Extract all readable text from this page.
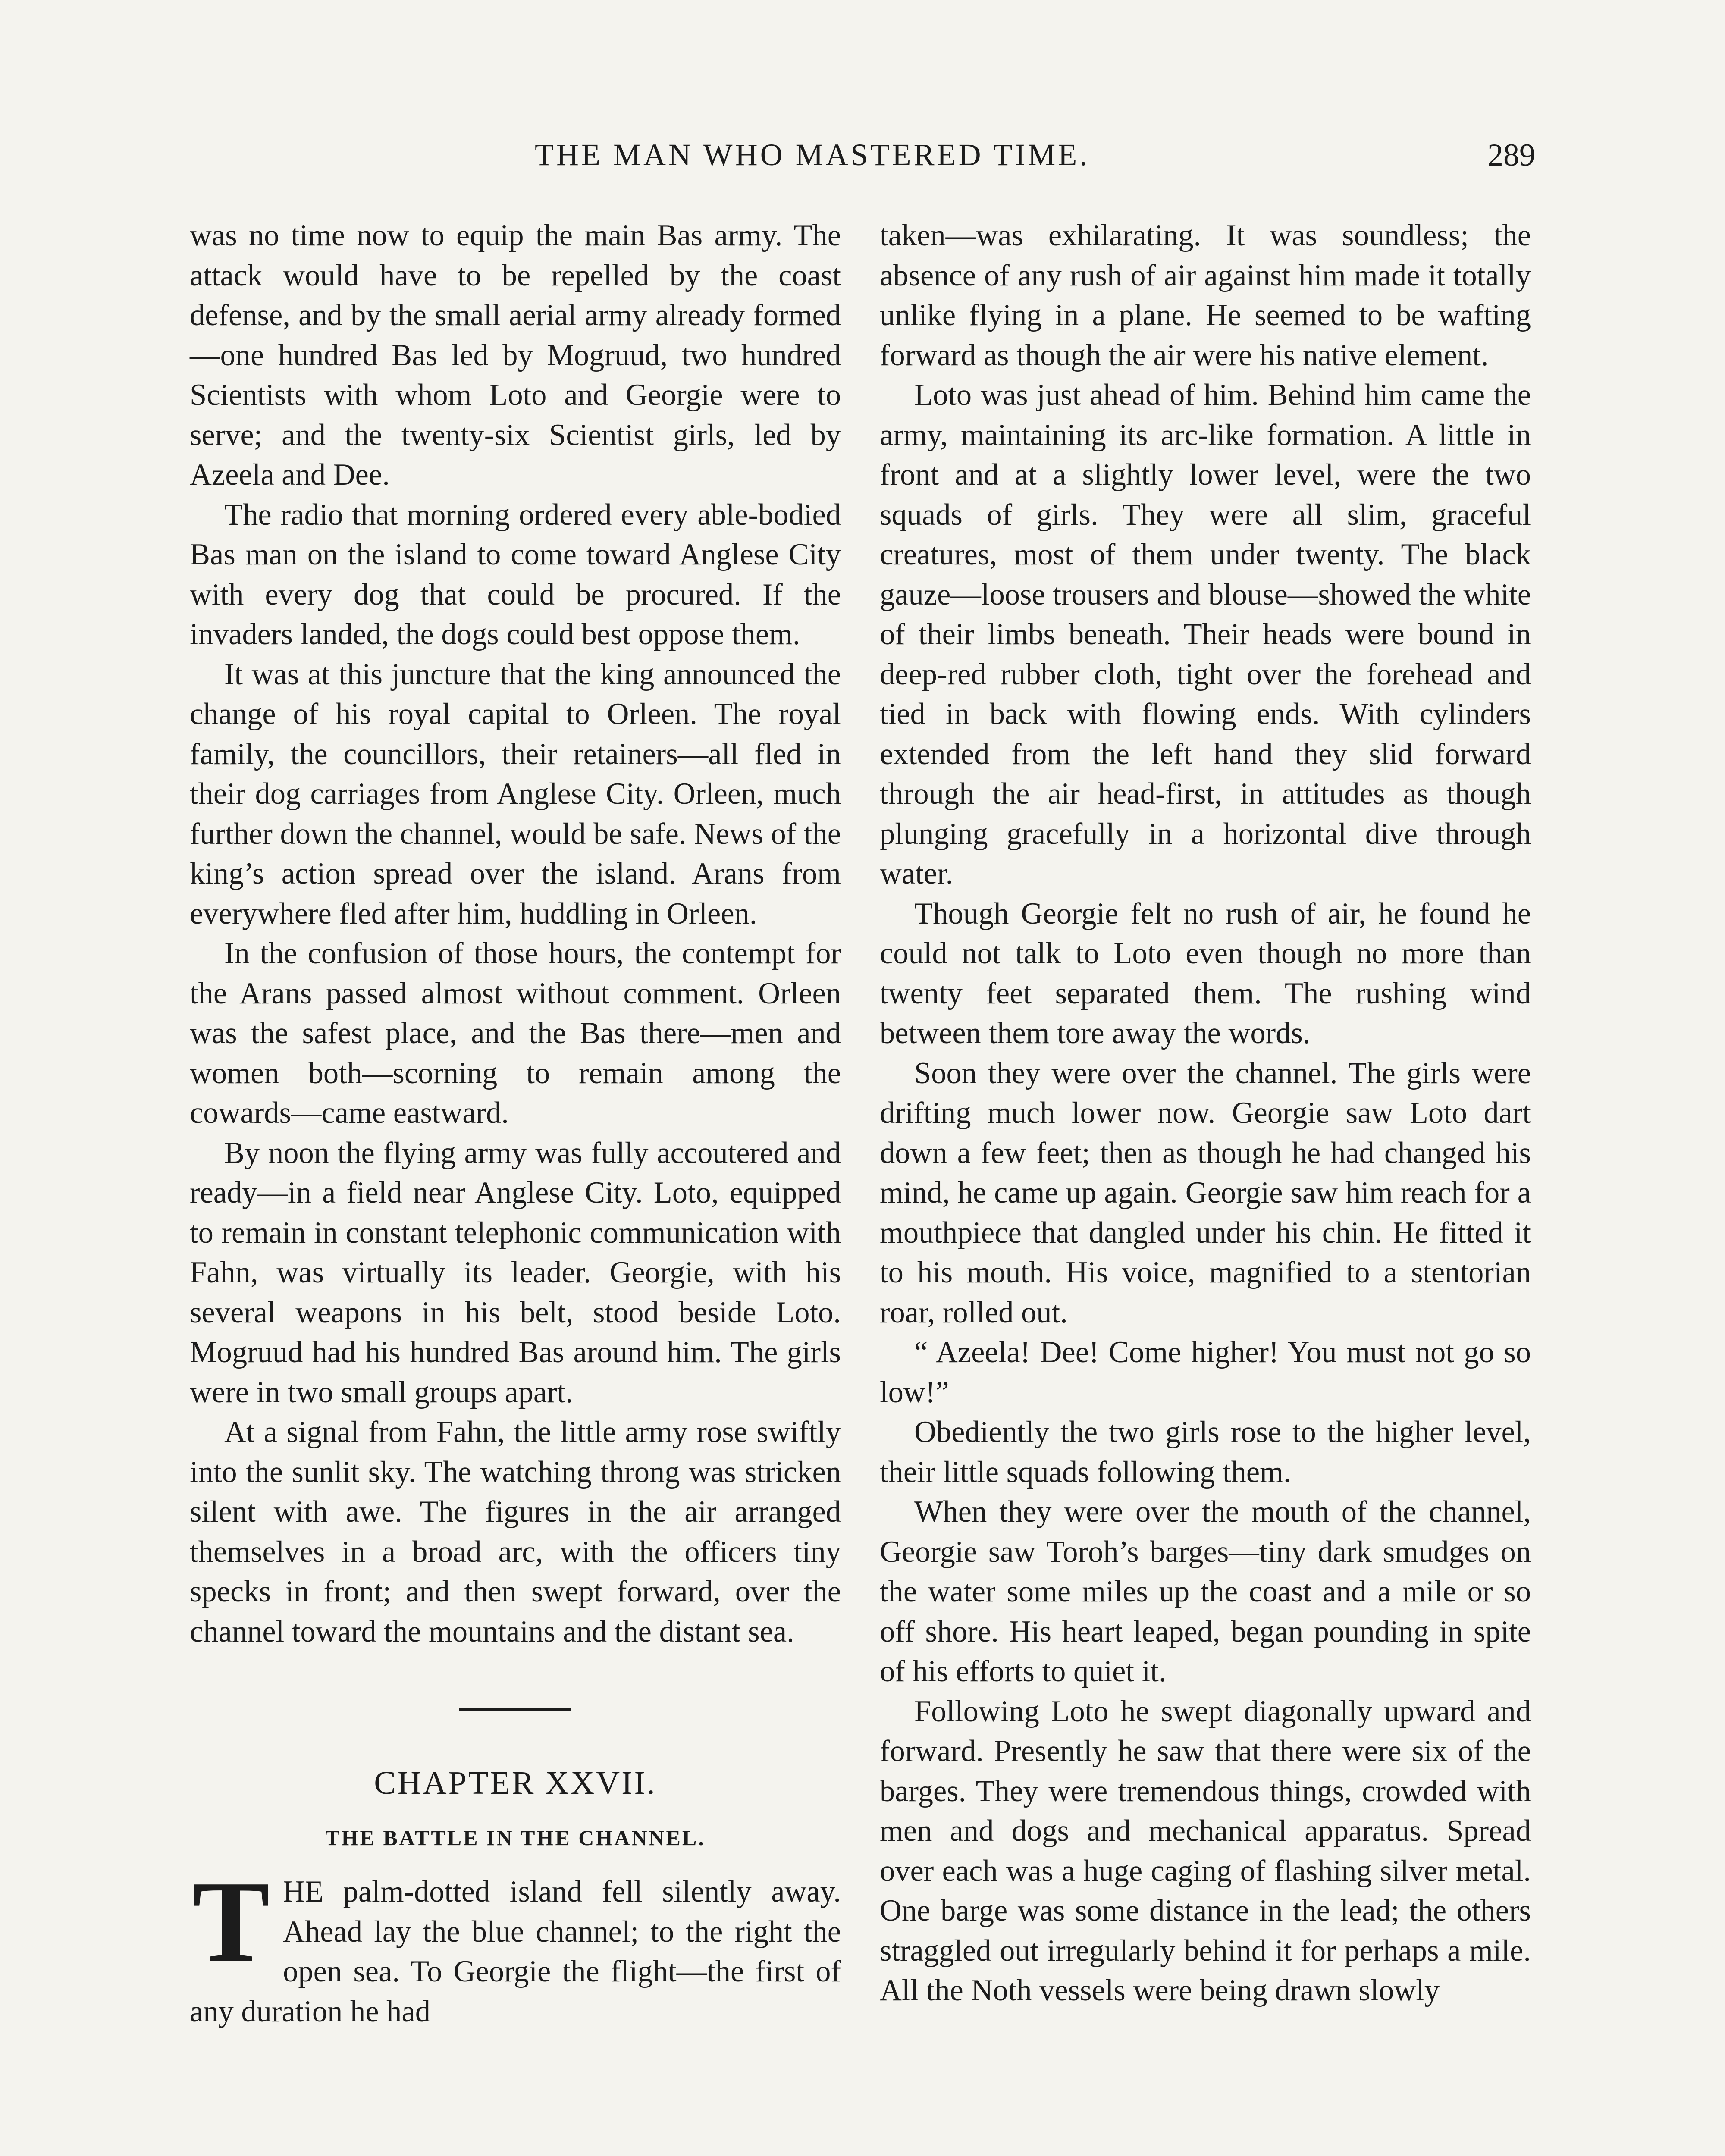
THE MAN WHO MASTERED TIME.	289

was no time now to equip the main Bas army. The attack would have to be repelled by the coast defense, and by the small aerial army already formed—one hundred Bas led by Mogruud, two hundred Scientists with whom Loto and Georgie were to serve; and the twenty-six Scientist girls, led by Azeela and Dee.

The radio that morning ordered every able-bodied Bas man on the island to come toward Anglese City with every dog that could be procured. If the invaders landed, the dogs could best oppose them.

It was at this juncture that the king announced the change of his royal capital to Orleen. The royal family, the councillors, their retainers—all fled in their dog carriages from Anglese City. Orleen, much further down the channel, would be safe. News of the king’s action spread over the island. Arans from everywhere fled after him, huddling in Orleen.

In the confusion of those hours, the contempt for the Arans passed almost without comment. Orleen was the safest place, and the Bas there—men and women both—scorning to remain among the cowards—came eastward.

By noon the flying army was fully accoutered and ready—in a field near Anglese City. Loto, equipped to remain in constant telephonic communication with Fahn, was virtually its leader. Georgie, with his several weapons in his belt, stood beside Loto. Mogruud had his hundred Bas around him. The girls were in two small groups apart.

At a signal from Fahn, the little army rose swiftly into the sunlit sky. The watching throng was stricken silent with awe. The figures in the air arranged themselves in a broad arc, with the officers tiny specks in front; and then swept forward, over the channel toward the mountains and the distant sea.

CHAPTER XXVII.
THE BATTLE IN THE CHANNEL.

T HE palm-dotted island fell silently away. Ahead lay the blue channel; to the right the open sea. To Georgie the flight—the first of any duration he had

taken—was exhilarating. It was soundless; the absence of any rush of air against him made it totally unlike flying in a plane. He seemed to be wafting forward as though the air were his native element.

Loto was just ahead of him. Behind him came the army, maintaining its arc-like formation. A little in front and at a slightly lower level, were the two squads of girls. They were all slim, graceful creatures, most of them under twenty. The black gauze—loose trousers and blouse—showed the white of their limbs beneath. Their heads were bound in deep-red rubber cloth, tight over the forehead and tied in back with flowing ends. With cylinders extended from the left hand they slid forward through the air head-first, in attitudes as though plunging gracefully in a horizontal dive through water.

Though Georgie felt no rush of air, he found he could not talk to Loto even though no more than twenty feet separated them. The rushing wind between them tore away the words.

Soon they were over the channel. The girls were drifting much lower now. Georgie saw Loto dart down a few feet; then as though he had changed his mind, he came up again. Georgie saw him reach for a mouthpiece that dangled under his chin. He fitted it to his mouth. His voice, magnified to a stentorian roar, rolled out.

“ Azeela! Dee! Come higher! You must not go so low!”

Obediently the two girls rose to the higher level, their little squads following them.

When they were over the mouth of the channel, Georgie saw Toroh’s barges—tiny dark smudges on the water some miles up the coast and a mile or so off shore. His heart leaped, began pounding in spite of his efforts to quiet it.

Following Loto he swept diagonally upward and forward. Presently he saw that there were six of the barges. They were tremendous things, crowded with men and dogs and mechanical apparatus. Spread over each was a huge caging of flashing silver metal. One barge was some distance in the lead; the others straggled out irregularly behind it for perhaps a mile. All the Noth vessels were being drawn slowly
